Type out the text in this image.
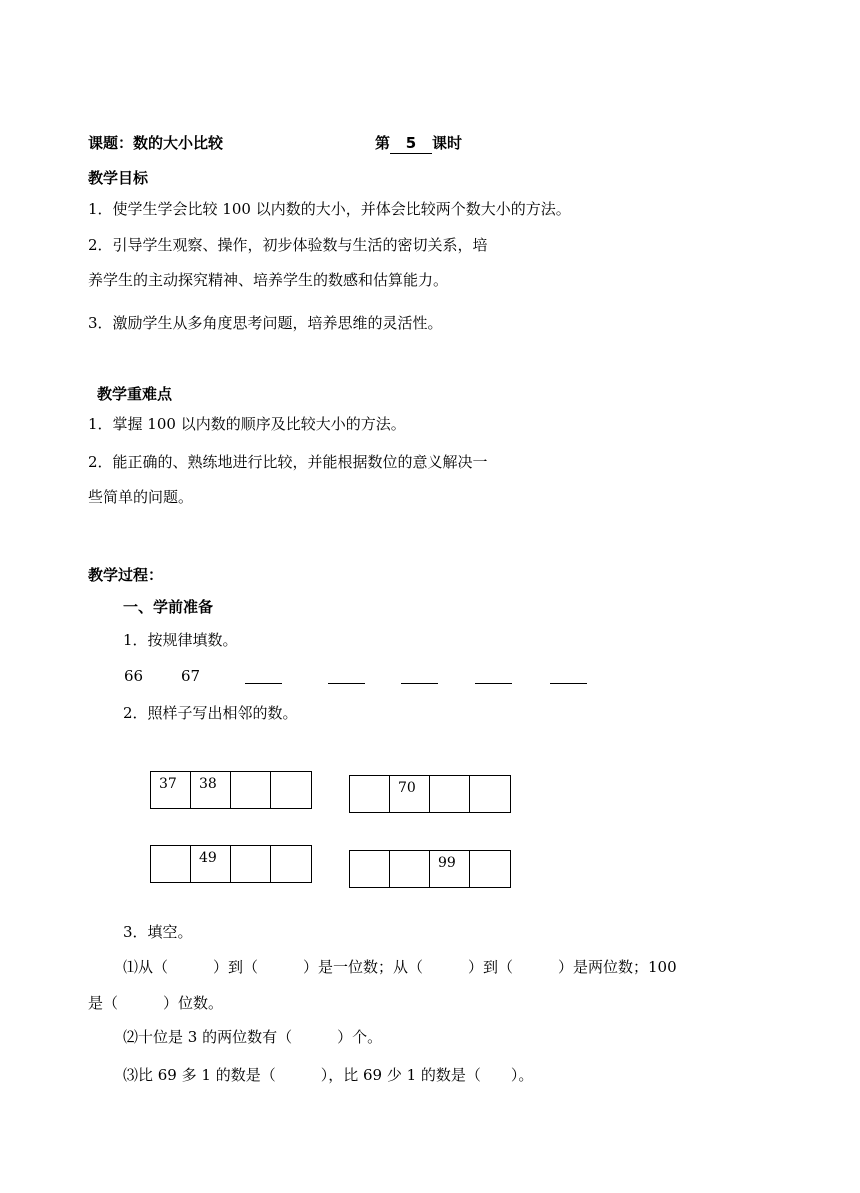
课题：数的大小比较	第 5 课时
教学目标
1．使学生学会比较 100 以内数的大小，并体会比较两个数大小的方法。
2．引导学生观察、操作，初步体验数与生活的密切关系，培
养学生的主动探究精神、培养学生的数感和估算能力。
3．激励学生从多角度思考问题，培养思维的灵活性。
教学重难点
1．掌握 100 以内数的顺序及比较大小的方法。
2．能正确的、熟练地进行比较，并能根据数位的意义解决一
些简单的问题。
教学过程：
一、学前准备
1．按规律填数。
66	67
2．照样子写出相邻的数。
37	38	70
49	99
3．填空。
⑴从（　　　）到（　　　）是一位数；从（　　　）到（　　　）是两位数；100
是（　　　）位数。
⑵十位是 3 的两位数有（　　　）个。
⑶比 69 多 1 的数是（　　　），比 69 少 1 的数是（　　）。
